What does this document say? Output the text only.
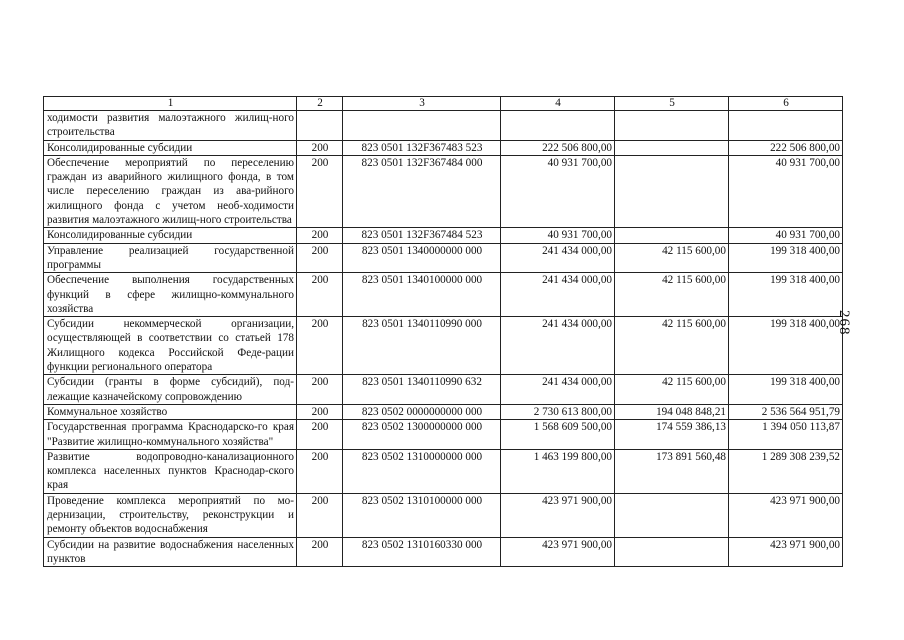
1	2	3	4	5	6
ходимости развития малоэтажного жилищ-ного строительства					
Консолидированные субсидии	200	823 0501 132F367483 523	222 506 800,00		222 506 800,00
Обеспечение мероприятий по переселению граждан из аварийного жилищного фонда, в том числе переселению граждан из ава-рийного жилищного фонда с учетом необ-ходимости развития малоэтажного жилищ-ного строительства	200	823 0501 132F367484 000	40 931 700,00		40 931 700,00
Консолидированные субсидии	200	823 0501 132F367484 523	40 931 700,00		40 931 700,00
Управление реализацией государственной программы	200	823 0501 1340000000 000	241 434 000,00	42 115 600,00	199 318 400,00
Обеспечение выполнения государственных функций в сфере жилищно-коммунального хозяйства	200	823 0501 1340100000 000	241 434 000,00	42 115 600,00	199 318 400,00
Субсидии некоммерческой организации, осуществляющей в соответствии со статьей 178 Жилищного кодекса Российской Феде-рации функции регионального оператора	200	823 0501 1340110990 000	241 434 000,00	42 115 600,00	199 318 400,00
Субсидии (гранты в форме субсидий), под-лежащие казначейскому сопровождению	200	823 0501 1340110990 632	241 434 000,00	42 115 600,00	199 318 400,00
Коммунальное хозяйство	200	823 0502 0000000000 000	2 730 613 800,00	194 048 848,21	2 536 564 951,79
Государственная программа Краснодарско-го края "Развитие жилищно-коммунального хозяйства"	200	823 0502 1300000000 000	1 568 609 500,00	174 559 386,13	1 394 050 113,87
Развитие водопроводно-канализационного комплекса населенных пунктов Краснодар-ского края	200	823 0502 1310000000 000	1 463 199 800,00	173 891 560,48	1 289 308 239,52
Проведение комплекса мероприятий по мо-дернизации, строительству, реконструкции и ремонту объектов водоснабжения	200	823 0502 1310100000 000	423 971 900,00		423 971 900,00
Субсидии на развитие водоснабжения населенных пунктов	200	823 0502 1310160330 000	423 971 900,00		423 971 900,00
268
